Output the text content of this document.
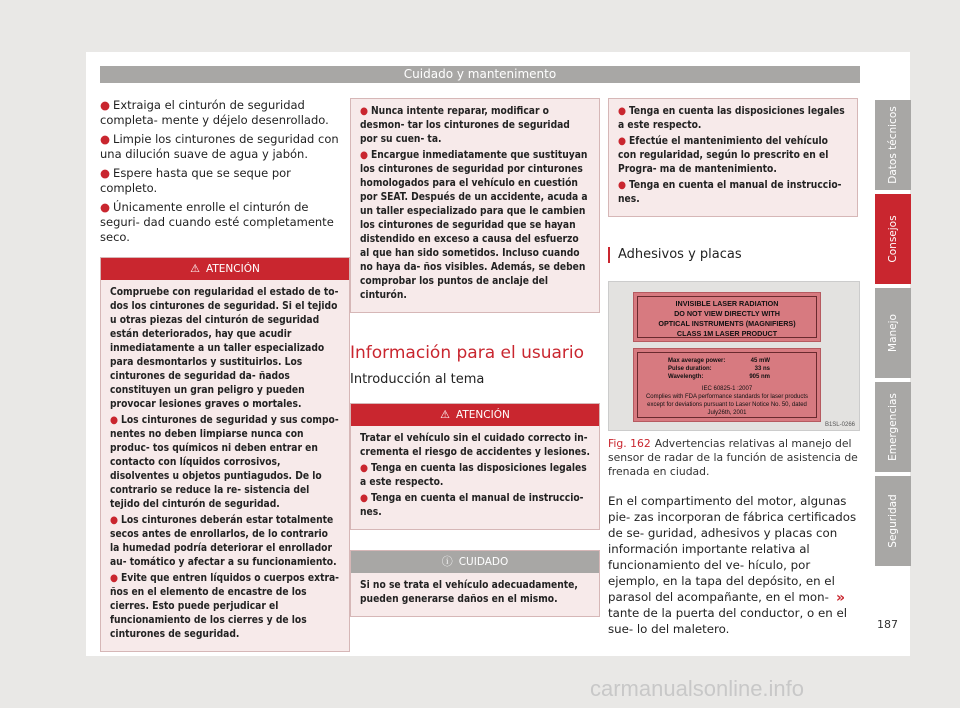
Cuidado y mantenimento

● Extraiga el cinturón de seguridad completa- mente y déjelo desenrollado.

● Limpie los cinturones de seguridad con una dilución suave de agua y jabón.

● Espere hasta que se seque por completo.

● Únicamente enrolle el cinturón de seguri- dad cuando esté completamente seco.

⚠ ATENCIÓN

Compruebe con regularidad el estado de to- dos los cinturones de seguridad. Si el tejido u otras piezas del cinturón de seguridad están deteriorados, hay que acudir inmediatamente a un taller especializado para desmontarlos y sustituirlos. Los cinturones de seguridad da- ñados constituyen un gran peligro y pueden provocar lesiones graves o mortales.

● Los cinturones de seguridad y sus compo- nentes no deben limpiarse nunca con produc- tos químicos ni deben entrar en contacto con líquidos corrosivos, disolventes u objetos puntiagudos. De lo contrario se reduce la re- sistencia del tejido del cinturón de seguridad.

● Los cinturones deberán estar totalmente secos antes de enrollarlos, de lo contrario la humedad podría deteriorar el enrollador au- tomático y afectar a su funcionamiento.

● Evite que entren líquidos o cuerpos extra- ños en el elemento de encastre de los cierres. Esto puede perjudicar el funcionamiento de los cierres y de los cinturones de seguridad.

● Nunca intente reparar, modificar o desmon- tar los cinturones de seguridad por su cuen- ta.

● Encargue inmediatamente que sustituyan los cinturones de seguridad por cinturones homologados para el vehículo en cuestión por SEAT. Después de un accidente, acuda a un taller especializado para que le cambien los cinturones de seguridad que se hayan distendido en exceso a causa del esfuerzo al que han sido sometidos. Incluso cuando no haya da- ños visibles. Además, se deben comprobar los puntos de anclaje del cinturón.

Información para el usuario
Introducción al tema
⚠ ATENCIÓN

Tratar el vehículo sin el cuidado correcto in- crementa el riesgo de accidentes y lesiones.

● Tenga en cuenta las disposiciones legales a este respecto.

● Tenga en cuenta el manual de instruccio- nes.

ⓘ CUIDADO

Si no se trata el vehículo adecuadamente, pueden generarse daños en el mismo.

● Tenga en cuenta las disposiciones legales a este respecto.

● Efectúe el mantenimiento del vehículo con regularidad, según lo prescrito en el Progra- ma de mantenimiento.

● Tenga en cuenta el manual de instruccio- nes.

Adhesivos y placas
INVISIBLE LASER RADIATION
DO NOT VIEW DIRECTLY WITH
OPTICAL INSTRUMENTS (MAGNIFIERS)
CLASS 1M LASER PRODUCT
Max average power:	45 mW
Pulse duration:	33 ns
Wavelength:	905 nm
IEC 60825-1 :2007
Complies with FDA performance standards for laser products
except for deviations pursuant to Laser Notice No. 50, dated
July26th, 2001
B1SL-0266

Fig. 162 Advertencias relativas al manejo del sensor de radar de la función de asistencia de frenada en ciudad.

En el compartimento del motor, algunas pie- zas incorporan de fábrica certificados de se- guridad, adhesivos y placas con información importante relativa al funcionamiento del ve- hículo, por ejemplo, en la tapa del depósito, en el parasol del acompañante, en el mon- tante de la puerta del conductor, o en el sue- lo del maletero.

»
187
Datos técnicos
Consejos
Manejo
Emergencias
Seguridad
carmanualsonline.info
